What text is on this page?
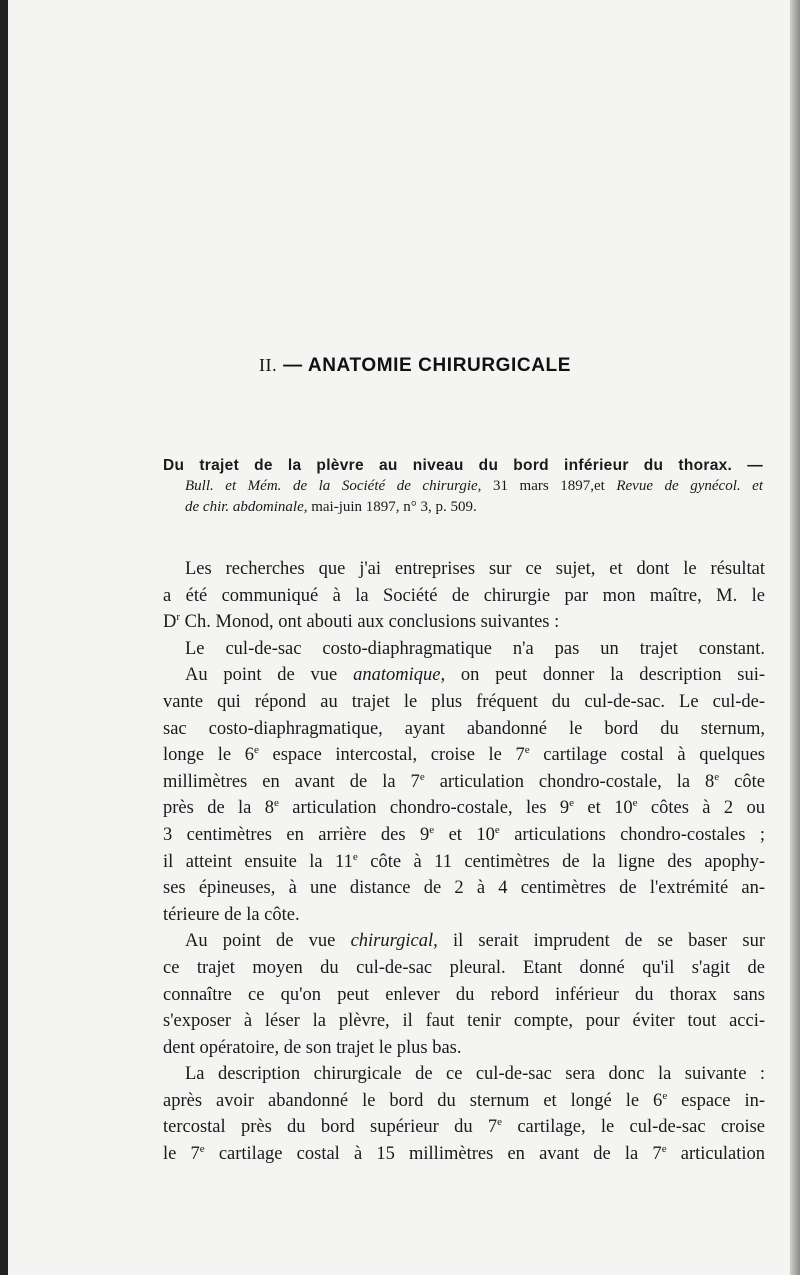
II. — ANATOMIE CHIRURGICALE
Du trajet de la plèvre au niveau du bord inférieur du thorax. —
Bull. et Mém. de la Société de chirurgie, 31 mars 1897,et Revue de gynécol. et
de chir. abdominale, mai-juin 1897, n° 3, p. 509.
Les recherches que j'ai entreprises sur ce sujet, et dont le résultat
a été communiqué à la Société de chirurgie par mon maître, M. le
$D^r$ Ch. Monod, ont abouti aux conclusions suivantes :
Le cul-de-sac costo-diaphragmatique n'a pas un trajet constant.
Au point de vue anatomique, on peut donner la description sui-
vante qui répond au trajet le plus fréquent du cul-de-sac. Le cul-de-
sac costo-diaphragmatique, ayant abandonné le bord du sternum,
longe le 6e espace intercostal, croise le 7e cartilage costal à quelques
millimètres en avant de la 7e articulation chondro-costale, la 8e côte
près de la 8e articulation chondro-costale, les 9e et 10e côtes à 2 ou
3 centimètres en arrière des 9e et 10e articulations chondro-costales ;
il atteint ensuite la 11e côte à 11 centimètres de la ligne des apophy-
ses épineuses, à une distance de 2 à 4 centimètres de l'extrémité an-
térieure de la côte.
Au point de vue chirurgical, il serait imprudent de se baser sur
ce trajet moyen du cul-de-sac pleural. Etant donné qu'il s'agit de
connaître ce qu'on peut enlever du rebord inférieur du thorax sans
s'exposer à léser la plèvre, il faut tenir compte, pour éviter tout acci-
dent opératoire, de son trajet le plus bas.
La description chirurgicale de ce cul-de-sac sera donc la suivante :
après avoir abandonné le bord du sternum et longé le 6e espace in-
tercostal près du bord supérieur du 7e cartilage, le cul-de-sac croise
le 7e cartilage costal à 15 millimètres en avant de la 7e articulation
